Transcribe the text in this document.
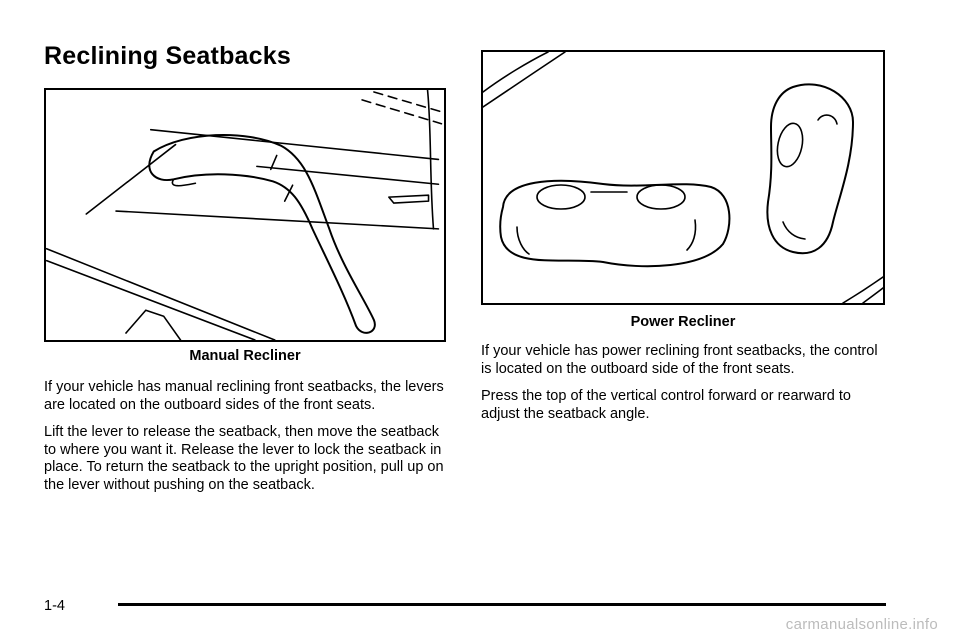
Reclining Seatbacks
Manual Recliner

If your vehicle has manual reclining front seatbacks, the levers are located on the outboard sides of the front seats.

Lift the lever to release the seatback, then move the seatback to where you want it. Release the lever to lock the seatback in place. To return the seatback to the upright position, pull up on the lever without pushing on the seatback.

Power Recliner

If your vehicle has power reclining front seatbacks, the control is located on the outboard side of the front seats.

Press the top of the vertical control forward or rearward to adjust the seatback angle.

1-4
carmanualsonline.info
